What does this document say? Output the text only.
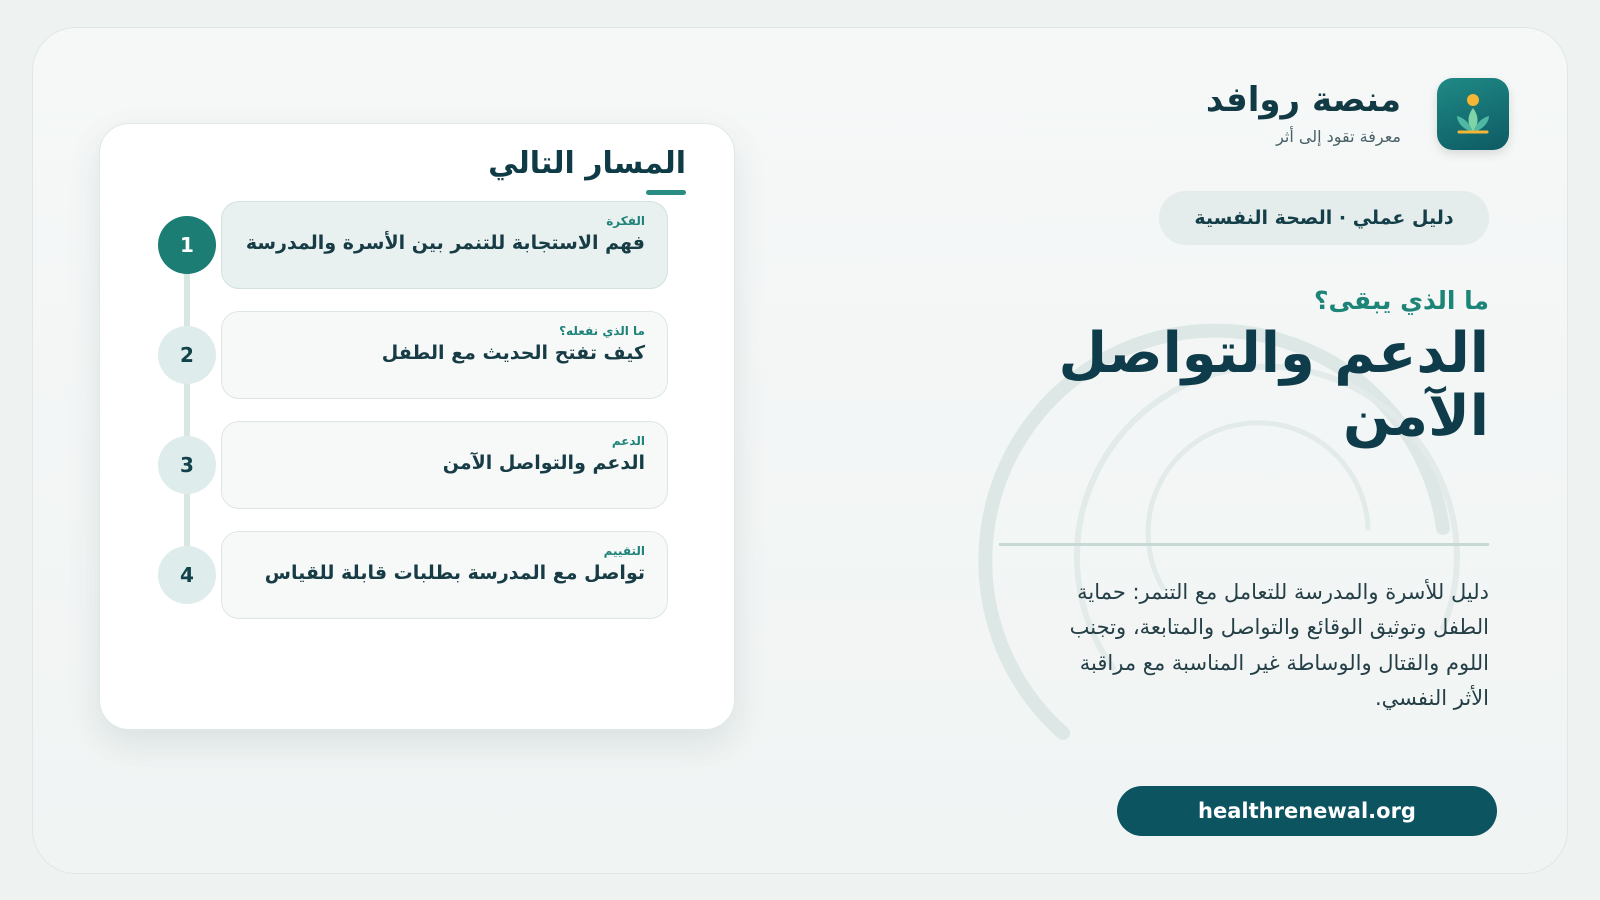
منصة روافد
معرفة تقود إلى أثر
دليل عملي · الصحة النفسية
ما الذي يبقى؟
الدعم والتواصل الآمن
دليل للأسرة والمدرسة للتعامل مع التنمر: حماية الطفل وتوثيق الوقائع والتواصل والمتابعة، وتجنب اللوم والقتال والوساطة غير المناسبة مع مراقبة الأثر النفسي.
healthrenewal.org
المسار التالي
1
الفكرة
فهم الاستجابة للتنمر بين الأسرة والمدرسة
2
ما الذي نفعله؟
كيف تفتح الحديث مع الطفل
3
الدعم
الدعم والتواصل الآمن
4
التقييم
تواصل مع المدرسة بطلبات قابلة للقياس
